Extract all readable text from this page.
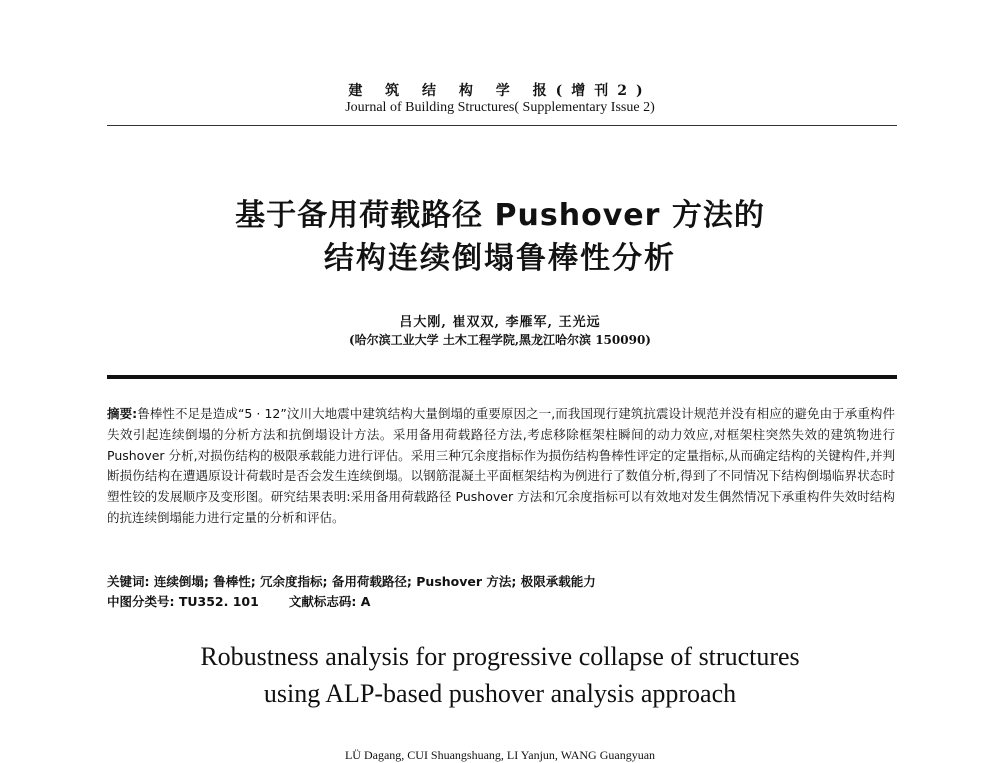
建 筑 结 构 学 报(增刊2)
Journal of Building Structures( Supplementary Issue 2)
基于备用荷载路径 Pushover 方法的
结构连续倒塌鲁棒性分析
吕大刚, 崔双双, 李雁军, 王光远
(哈尔滨工业大学 土木工程学院,黑龙江哈尔滨 150090)
摘要:鲁棒性不足是造成“5 · 12”汶川大地震中建筑结构大量倒塌的重要原因之一,而我国现行建筑抗震设计规范并没有相应的避免由于承重构件失效引起连续倒塌的分析方法和抗倒塌设计方法。采用备用荷载路径方法,考虑移除框架柱瞬间的动力效应,对框架柱突然失效的建筑物进行 Pushover 分析,对损伤结构的极限承载能力进行评估。采用三种冗余度指标作为损伤结构鲁棒性评定的定量指标,从而确定结构的关键构件,并判断损伤结构在遭遇原设计荷载时是否会发生连续倒塌。以钢筋混凝土平面框架结构为例进行了数值分析,得到了不同情况下结构倒塌临界状态时塑性铰的发展顺序及变形图。研究结果表明:采用备用荷载路径 Pushover 方法和冗余度指标可以有效地对发生偶然情况下承重构件失效时结构的抗连续倒塌能力进行定量的分析和评估。
关键词: 连续倒塌; 鲁棒性; 冗余度指标; 备用荷载路径; Pushover 方法; 极限承载能力
中图分类号: TU352. 101 文献标志码: A
Robustness analysis for progressive collapse of structures
using ALP-based pushover analysis approach
LÜ Dagang, CUI Shuangshuang, LI Yanjun, WANG Guangyuan
